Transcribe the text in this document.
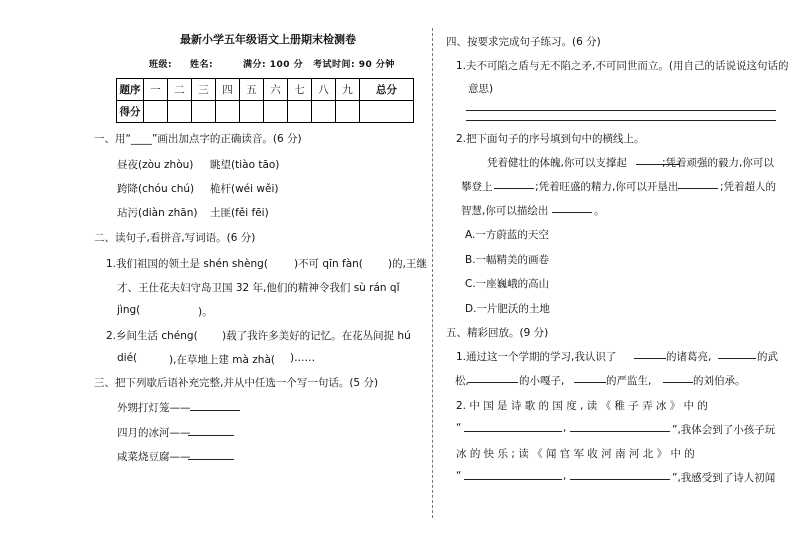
最新小学五年级语文上册期末检测卷
班级: 姓名:	满分: 100 分 考试时间: 90 分钟
题序	一	二	三	四	五	六	七	八	九	总分
得分										
一、用“____”画出加点字的正确读音。(6 分)
昼夜(zòu zhòu) 眺望(tiào tāo)
跨降(chóu chú) 桅杆(wéi wěi)
玷污(diàn zhān) 土匪(fěi fēi)
二、读句子,看拼音,写词语。(6 分)
1.我们祖国的领土是 shén shèng( )不可 qīn fàn( )的,王继
才、王仕花夫妇守岛卫国 32 年,他们的精神令我们 sù rán qǐ
jìng(	)。
2.乡间生活 chéng( )载了我许多美好的记忆。在花丛间捉 hú
dié(	),在草地上建 mà zhà( )……
三、把下列歇后语补充完整,并从中任选一个写一句话。(5 分)
外甥打灯笼——
四月的冰河——
咸菜烧豆腐——
四、按要求完成句子练习。(6 分)
1.夫不可陷之盾与无不陷之矛,不可同世而立。(用自己的话说说这句话的
意思)
2.把下面句子的序号填到句中的横线上。
凭着健壮的体魄,你可以支撑起	;凭着顽强的毅力,你可以
攀登上	;凭着旺盛的精力,你可以开垦出	;凭着超人的
智慧,你可以描绘出	。
A.一方蔚蓝的天空
B.一幅精美的画卷
C.一座巍峨的高山
D.一片肥沃的土地
五、精彩回放。(9 分)
1.通过这一个学期的学习,我认识了	的诸葛亮,	的武
松,	的小嘎子,	的严监生,	的刘伯承。
2. 中 国 是 诗 歌 的 国 度 , 读 《 稚 子 弄 冰 》 中 的
“	,	”,我体会到了小孩子玩
冰 的 快 乐 ; 读 《 闻 官 军 收 河 南 河 北 》 中 的
“	,	”,我感受到了诗人初闻
